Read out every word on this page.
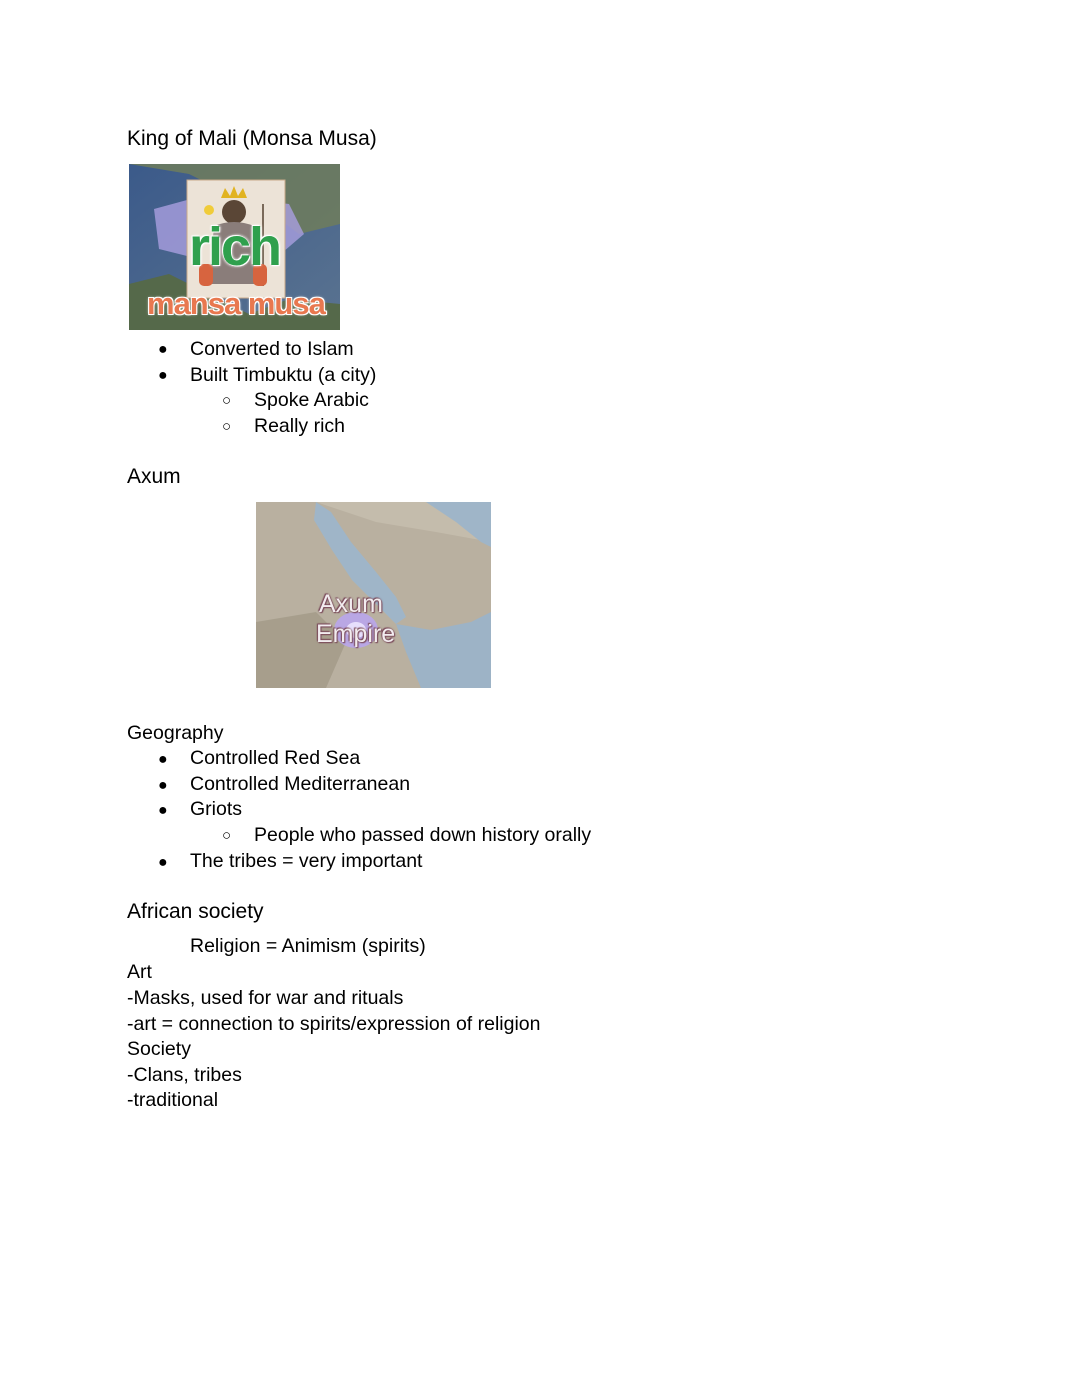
King of Mali (Monsa Musa)
rich
mansa musa
● Converted to Islam
● Built Timbuktu (a city)
○ Spoke Arabic
○ Really rich
Axum
Axum
Empire
Geography
● Controlled Red Sea
● Controlled Mediterranean
● Griots
○ People who passed down history orally
● The tribes = very important
African society
Religion = Animism (spirits)
Art
-Masks, used for war and rituals
-art = connection to spirits/expression of religion
Society
-Clans, tribes
-traditional
